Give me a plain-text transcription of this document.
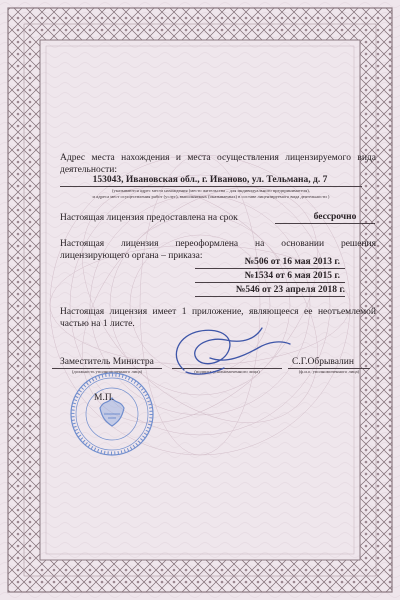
Адрес места нахождения и места осуществления лицензируемого вида деятельности:
153043, Ивановская обл., г. Иваново, ул. Тельмана, д. 7
(указываются адрес места нахождения (место жительства – для индивидуального предпринимателя),
и адреса мест осуществления работ (услуг), выполняемых (оказываемых) в составе лицензируемого вида деятельности )
Настоящая лицензия предоставлена на срок	бессрочно
Настоящая лицензия переоформлена на основании решения
лицензирующего органа – приказа:
№506 от 16 мая 2013 г.
№1534 от 6 мая 2015 г.
№546 от 23 апреля 2018 г.
Настоящая лицензия имеет 1 приложение, являющееся ее неотъемлемой
частью на 1 листе.
Заместитель Министра
(должность уполномоченного лица)	(подпись уполномоченного лица)
С.Г.Обрывалин
(ф.и.о. уполномоченного лица)
М.П.
